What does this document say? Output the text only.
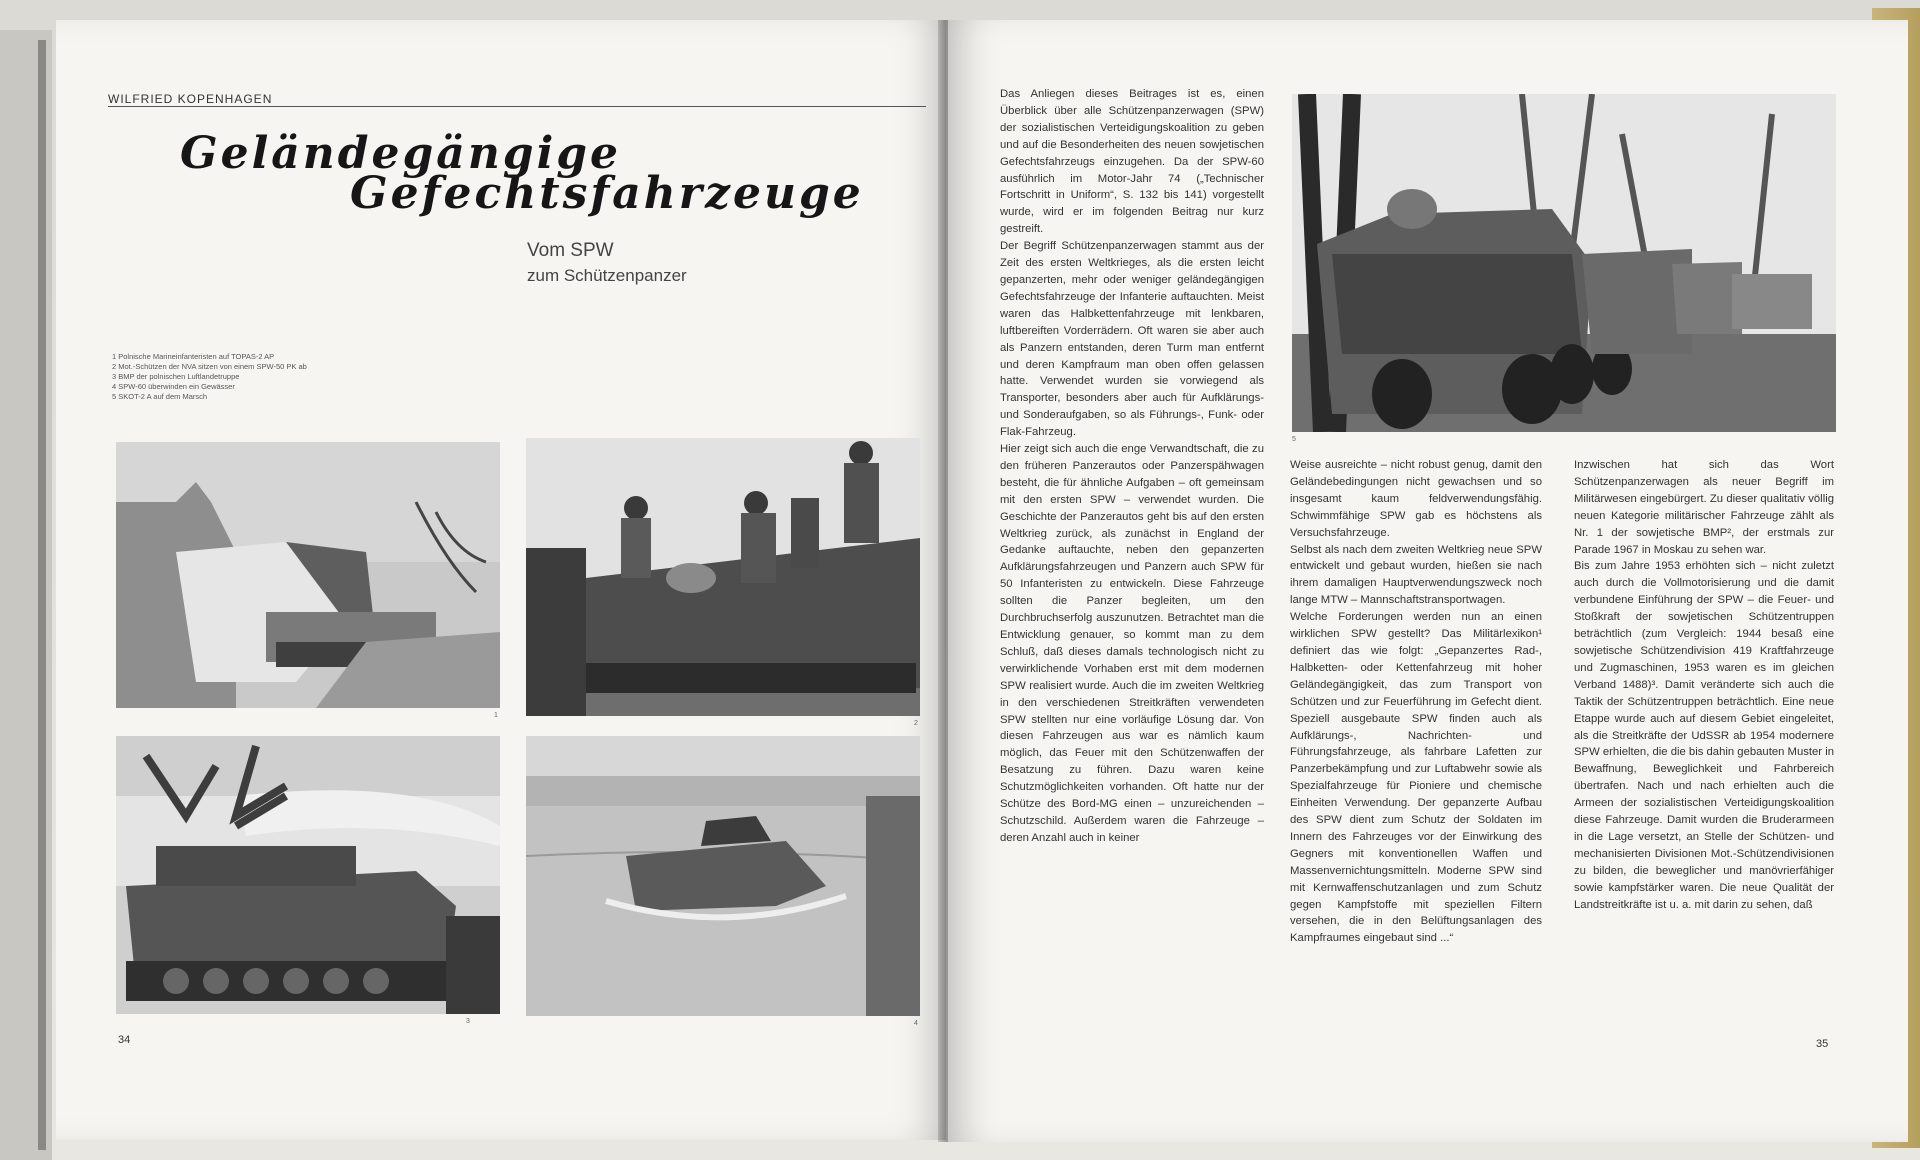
WILFRIED KOPENHAGEN
Geländegängige
Gefechtsfahrzeuge
Vom SPW
zum Schützenpanzer
1 Polnische Marineinfanteristen auf TOPAS-2 AP
2 Mot.-Schützen der NVA sitzen von einem SPW-50 PK ab
3 BMP der polnischen Luftlandetruppe
4 SPW-60 überwinden ein Gewässer
5 SKOT-2 A auf dem Marsch
1
2
3	4
34

Das Anliegen dieses Beitrages ist es, einen Überblick über alle Schützenpanzerwagen (SPW) der sozialistischen Verteidigungskoalition zu geben und auf die Besonderheiten des neuen sowjetischen Gefechtsfahrzeugs einzugehen. Da der SPW-60 ausführlich im Motor-Jahr 74 („Technischer Fortschritt in Uniform“, S. 132 bis 141) vorgestellt wurde, wird er im folgenden Beitrag nur kurz gestreift.

Der Begriff Schützenpanzerwagen stammt aus der Zeit des ersten Weltkrieges, als die ersten leicht gepanzerten, mehr oder weniger geländegängigen Gefechtsfahrzeuge der Infanterie auftauchten. Meist waren das Halbkettenfahrzeuge mit lenkbaren, luftbereiften Vorderrädern. Oft waren sie aber auch als Panzern entstanden, deren Turm man entfernt und deren Kampfraum man oben offen gelassen hatte. Verwendet wurden sie vorwiegend als Transporter, besonders aber auch für Aufklärungs- und Sonderaufgaben, so als Führungs-, Funk- oder Flak-Fahrzeug.

Hier zeigt sich auch die enge Verwandtschaft, die zu den früheren Panzerautos oder Panzerspähwagen besteht, die für ähnliche Aufgaben – oft gemeinsam mit den ersten SPW – verwendet wurden. Die Geschichte der Panzerautos geht bis auf den ersten Weltkrieg zurück, als zunächst in England der Gedanke auftauchte, neben den gepanzerten Aufklärungsfahrzeugen und Panzern auch SPW für 50 Infanteristen zu entwickeln. Diese Fahrzeuge sollten die Panzer begleiten, um den Durchbruchserfolg auszunutzen. Betrachtet man die Entwicklung genauer, so kommt man zu dem Schluß, daß dieses damals technologisch nicht zu verwirklichende Vorhaben erst mit dem modernen SPW realisiert wurde. Auch die im zweiten Weltkrieg in den verschiedenen Streitkräften verwendeten SPW stellten nur eine vorläufige Lösung dar. Von diesen Fahrzeugen aus war es nämlich kaum möglich, das Feuer mit den Schützenwaffen der Besatzung zu führen. Dazu waren keine Schutzmöglichkeiten vorhanden. Oft hatte nur der Schütze des Bord-MG einen – unzureichenden – Schutzschild. Außerdem waren die Fahrzeuge – deren Anzahl auch in keiner

5

Weise ausreichte – nicht robust genug, damit den Geländebedingungen nicht gewachsen und so insgesamt kaum feldverwendungsfähig. Schwimmfähige SPW gab es höchstens als Versuchsfahrzeuge.

Selbst als nach dem zweiten Weltkrieg neue SPW entwickelt und gebaut wurden, hießen sie nach ihrem damaligen Hauptverwendungszweck noch lange MTW – Mannschaftstransportwagen.

Welche Forderungen werden nun an einen wirklichen SPW gestellt? Das Militärlexikon¹ definiert das wie folgt: „Gepanzertes Rad-, Halbketten- oder Kettenfahrzeug mit hoher Geländegängigkeit, das zum Transport von Schützen und zur Feuerführung im Gefecht dient. Speziell ausgebaute SPW finden auch als Aufklärungs-, Nachrichten- und Führungsfahrzeuge, als fahrbare Lafetten zur Panzerbekämpfung und zur Luftabwehr sowie als Spezialfahrzeuge für Pioniere und chemische Einheiten Verwendung. Der gepanzerte Aufbau des SPW dient zum Schutz der Soldaten im Innern des Fahrzeuges vor der Einwirkung des Gegners mit konventionellen Waffen und Massenvernichtungsmitteln. Moderne SPW sind mit Kernwaffenschutzanlagen und zum Schutz gegen Kampfstoffe mit speziellen Filtern versehen, die in den Belüftungsanlagen des Kampfraumes eingebaut sind ...“

Inzwischen hat sich das Wort Schützenpanzerwagen als neuer Begriff im Militärwesen eingebürgert. Zu dieser qualitativ völlig neuen Kategorie militärischer Fahrzeuge zählt als Nr. 1 der sowjetische BMP², der erstmals zur Parade 1967 in Moskau zu sehen war.

Bis zum Jahre 1953 erhöhten sich – nicht zuletzt auch durch die Vollmotorisierung und die damit verbundene Einführung der SPW – die Feuer- und Stoßkraft der sowjetischen Schützentruppen beträchtlich (zum Vergleich: 1944 besaß eine sowjetische Schützendivision 419 Kraftfahrzeuge und Zugmaschinen, 1953 waren es im gleichen Verband 1488)³. Damit veränderte sich auch die Taktik der Schützentruppen beträchtlich. Eine neue Etappe wurde auch auf diesem Gebiet eingeleitet, als die Streitkräfte der UdSSR ab 1954 modernere SPW erhielten, die die bis dahin gebauten Muster in Bewaffnung, Beweglichkeit und Fahrbereich übertrafen. Nach und nach erhielten auch die Armeen der sozialistischen Verteidigungskoalition diese Fahrzeuge. Damit wurden die Bruderarmeen in die Lage versetzt, an Stelle der Schützen- und mechanisierten Divisionen Mot.-Schützendivisionen zu bilden, die beweglicher und manövrierfähiger sowie kampfstärker waren. Die neue Qualität der Landstreitkräfte ist u. a. mit darin zu sehen, daß

35
